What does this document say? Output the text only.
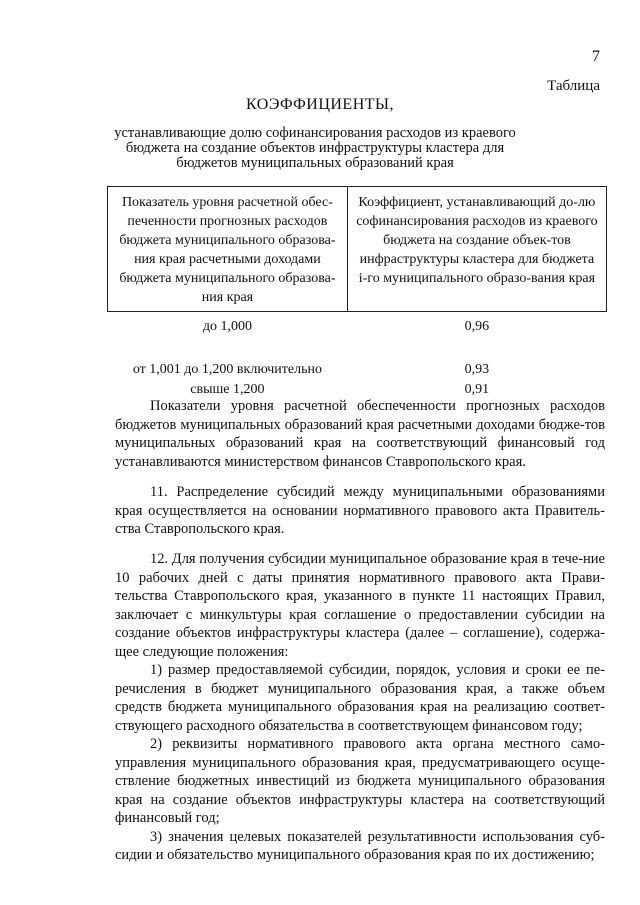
7
Таблица
КОЭФФИЦИЕНТЫ,
устанавливающие долю софинансирования расходов из краевого бюджета на создание объектов инфраструктуры кластера для бюджетов муниципальных образований края
Показатель уровня расчетной обес-печенности прогнозных расходов бюджета муниципального образова-ния края расчетными доходами бюджета муниципального образова-ния края	Коэффициент, устанавливающий до-лю софинансирования расходов из краевого бюджета на создание объек-тов инфраструктуры кластера для бюджета i-го муниципального образо-вания края
до 1,000	0,96
от 1,001 до 1,200 включительно	0,93
свыше 1,200	0,91

Показатели уровня расчетной обеспеченности прогнозных расходов бюджетов муниципальных образований края расчетными доходами бюдже-тов муниципальных образований края на соответствующий финансовый год устанавливаются министерством финансов Ставропольского края.

11. Распределение субсидий между муниципальными образованиями края осуществляется на основании нормативного правового акта Правитель-ства Ставропольского края.

12. Для получения субсидии муниципальное образование края в тече-ние 10 рабочих дней с даты принятия нормативного правового акта Прави-тельства Ставропольского края, указанного в пункте 11 настоящих Правил, заключает с минкультуры края соглашение о предоставлении субсидии на создание объектов инфраструктуры кластера (далее – соглашение), содержа-щее следующие положения:

1) размер предоставляемой субсидии, порядок, условия и сроки ее пе-речисления в бюджет муниципального образования края, а также объем средств бюджета муниципального образования края на реализацию соответ-ствующего расходного обязательства в соответствующем финансовом году;

2) реквизиты нормативного правового акта органа местного само-управления муниципального образования края, предусматривающего осуще-ствление бюджетных инвестиций из бюджета муниципального образования края на создание объектов инфраструктуры кластера на соответствующий финансовый год;

3) значения целевых показателей результативности использования суб-сидии и обязательство муниципального образования края по их достижению;
